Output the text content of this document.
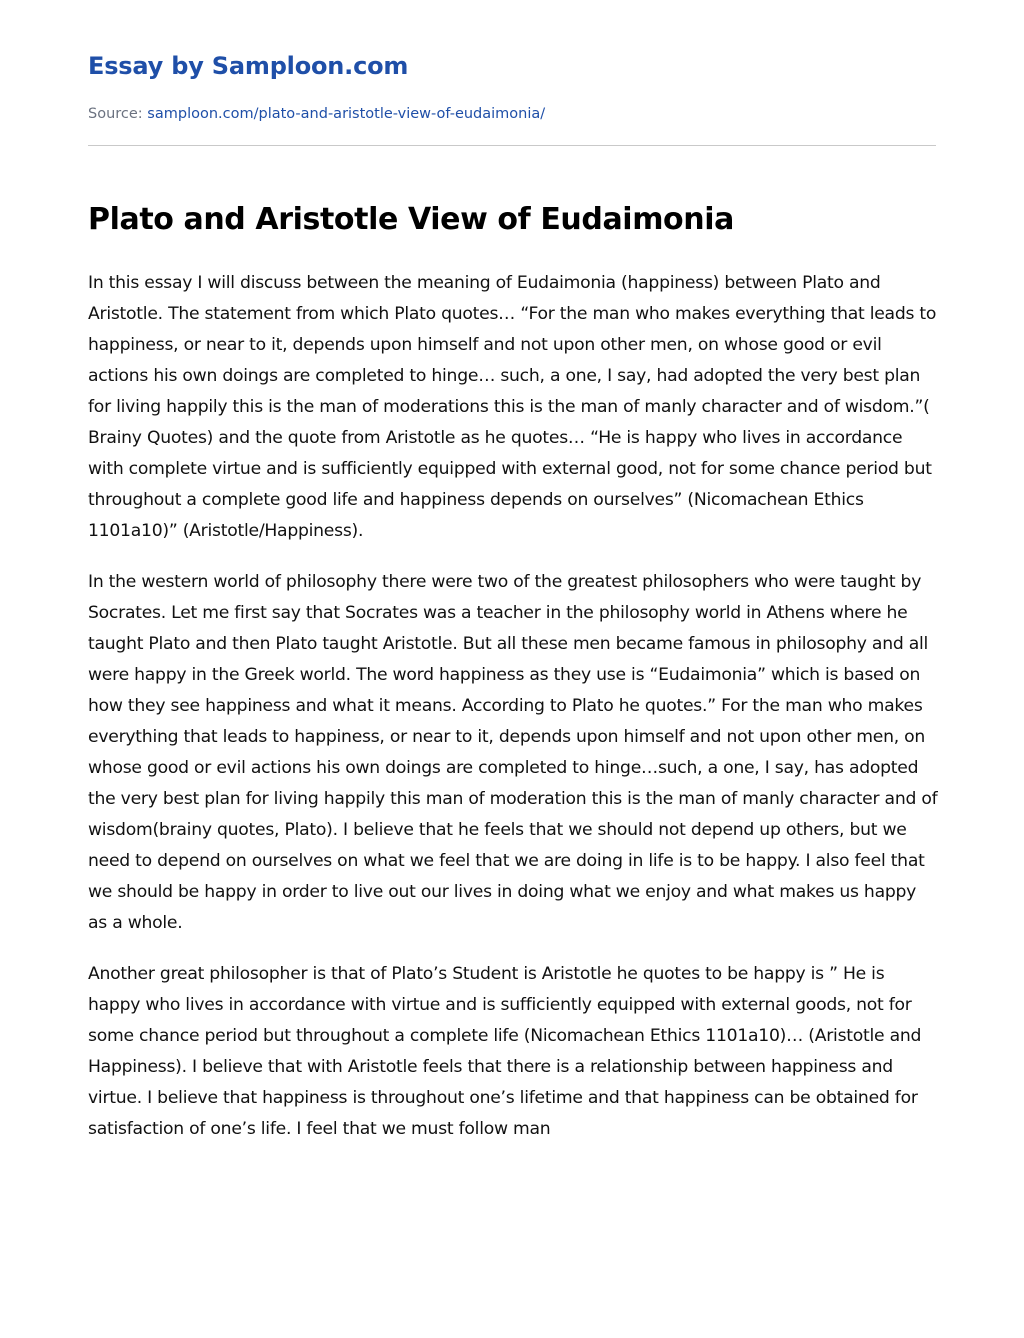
Essay by Samploon.com
Source: samploon.com/plato-and-aristotle-view-of-eudaimonia/
Plato and Aristotle View of Eudaimonia

In this essay I will discuss between the meaning of Eudaimonia (happiness) between Plato and Aristotle. The statement from which Plato quotes… “For the man who makes everything that leads to happiness, or near to it, depends upon himself and not upon other men, on whose good or evil actions his own doings are completed to hinge… such, a one, I say, had adopted the very best plan for living happily this is the man of moderations this is the man of manly character and of wisdom.”( Brainy Quotes) and the quote from Aristotle as he quotes… “He is happy who lives in accordance with complete virtue and is sufficiently equipped with external good, not for some chance period but throughout a complete good life and happiness depends on ourselves” (Nicomachean Ethics 1101a10)” (Aristotle/Happiness).

In the western world of philosophy there were two of the greatest philosophers who were taught by Socrates. Let me first say that Socrates was a teacher in the philosophy world in Athens where he taught Plato and then Plato taught Aristotle. But all these men became famous in philosophy and all were happy in the Greek world. The word happiness as they use is “Eudaimonia” which is based on how they see happiness and what it means. According to Plato he quotes.” For the man who makes everything that leads to happiness, or near to it, depends upon himself and not upon other men, on whose good or evil actions his own doings are completed to hinge…such, a one, I say, has adopted the very best plan for living happily this man of moderation this is the man of manly character and of wisdom(brainy quotes, Plato). I believe that he feels that we should not depend up others, but we need to depend on ourselves on what we feel that we are doing in life is to be happy. I also feel that we should be happy in order to live out our lives in doing what we enjoy and what makes us happy as a whole.

Another great philosopher is that of Plato’s Student is Aristotle he quotes to be happy is ” He is happy who lives in accordance with virtue and is sufficiently equipped with external goods, not for some chance period but throughout a complete life (Nicomachean Ethics 1101a10)… (Aristotle and Happiness). I believe that with Aristotle feels that there is a relationship between happiness and virtue. I believe that happiness is throughout one’s lifetime and that happiness can be obtained for satisfaction of one’s life. I feel that we must follow man
